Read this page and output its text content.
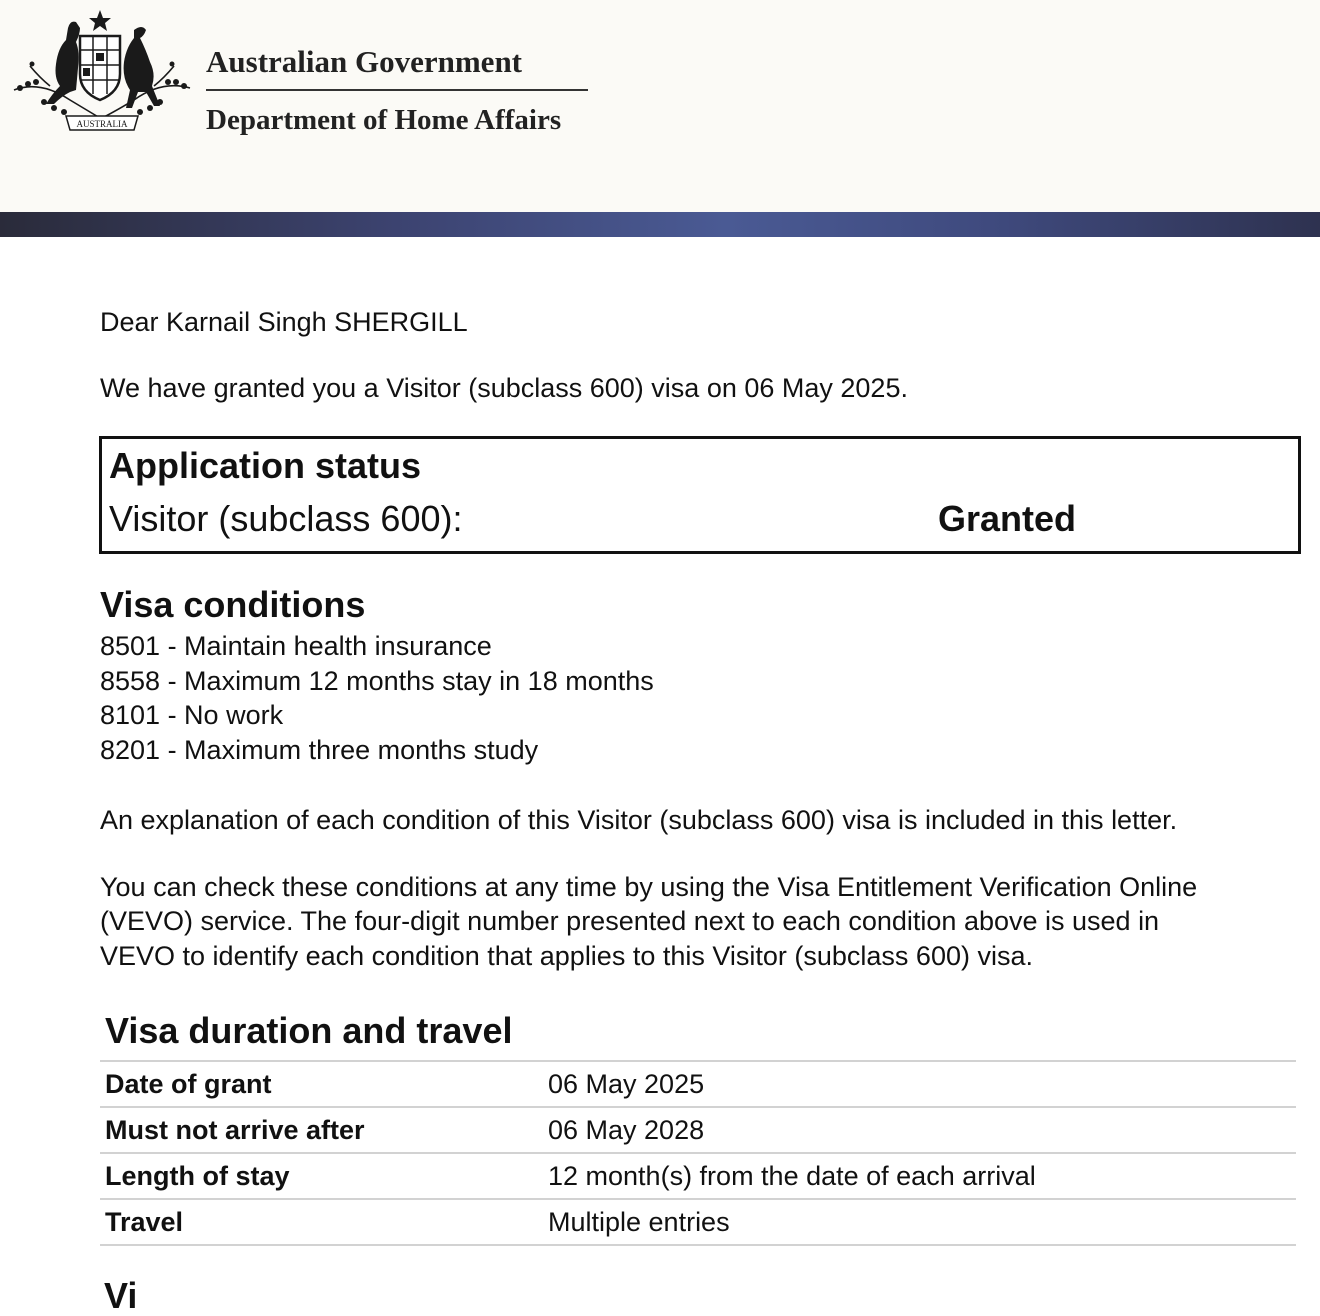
AUSTRALIA
Australian Government
Department of Home Affairs
Dear Karnail Singh SHERGILL
We have granted you a Visitor (subclass 600) visa on 06 May 2025.
Application status
Visitor (subclass 600):	Granted
Visa conditions
8501 - Maintain health insurance
8558 - Maximum 12 months stay in 18 months
8101 - No work
8201 - Maximum three months study
An explanation of each condition of this Visitor (subclass 600) visa is included in this letter.
You can check these conditions at any time by using the Visa Entitlement Verification Online
(VEVO) service. The four-digit number presented next to each condition above is used in
VEVO to identify each condition that applies to this Visitor (subclass 600) visa.
Visa duration and travel
Date of grant	06 May 2025
Must not arrive after	06 May 2028
Length of stay	12 month(s) from the date of each arrival
Travel	Multiple entries
Vi
